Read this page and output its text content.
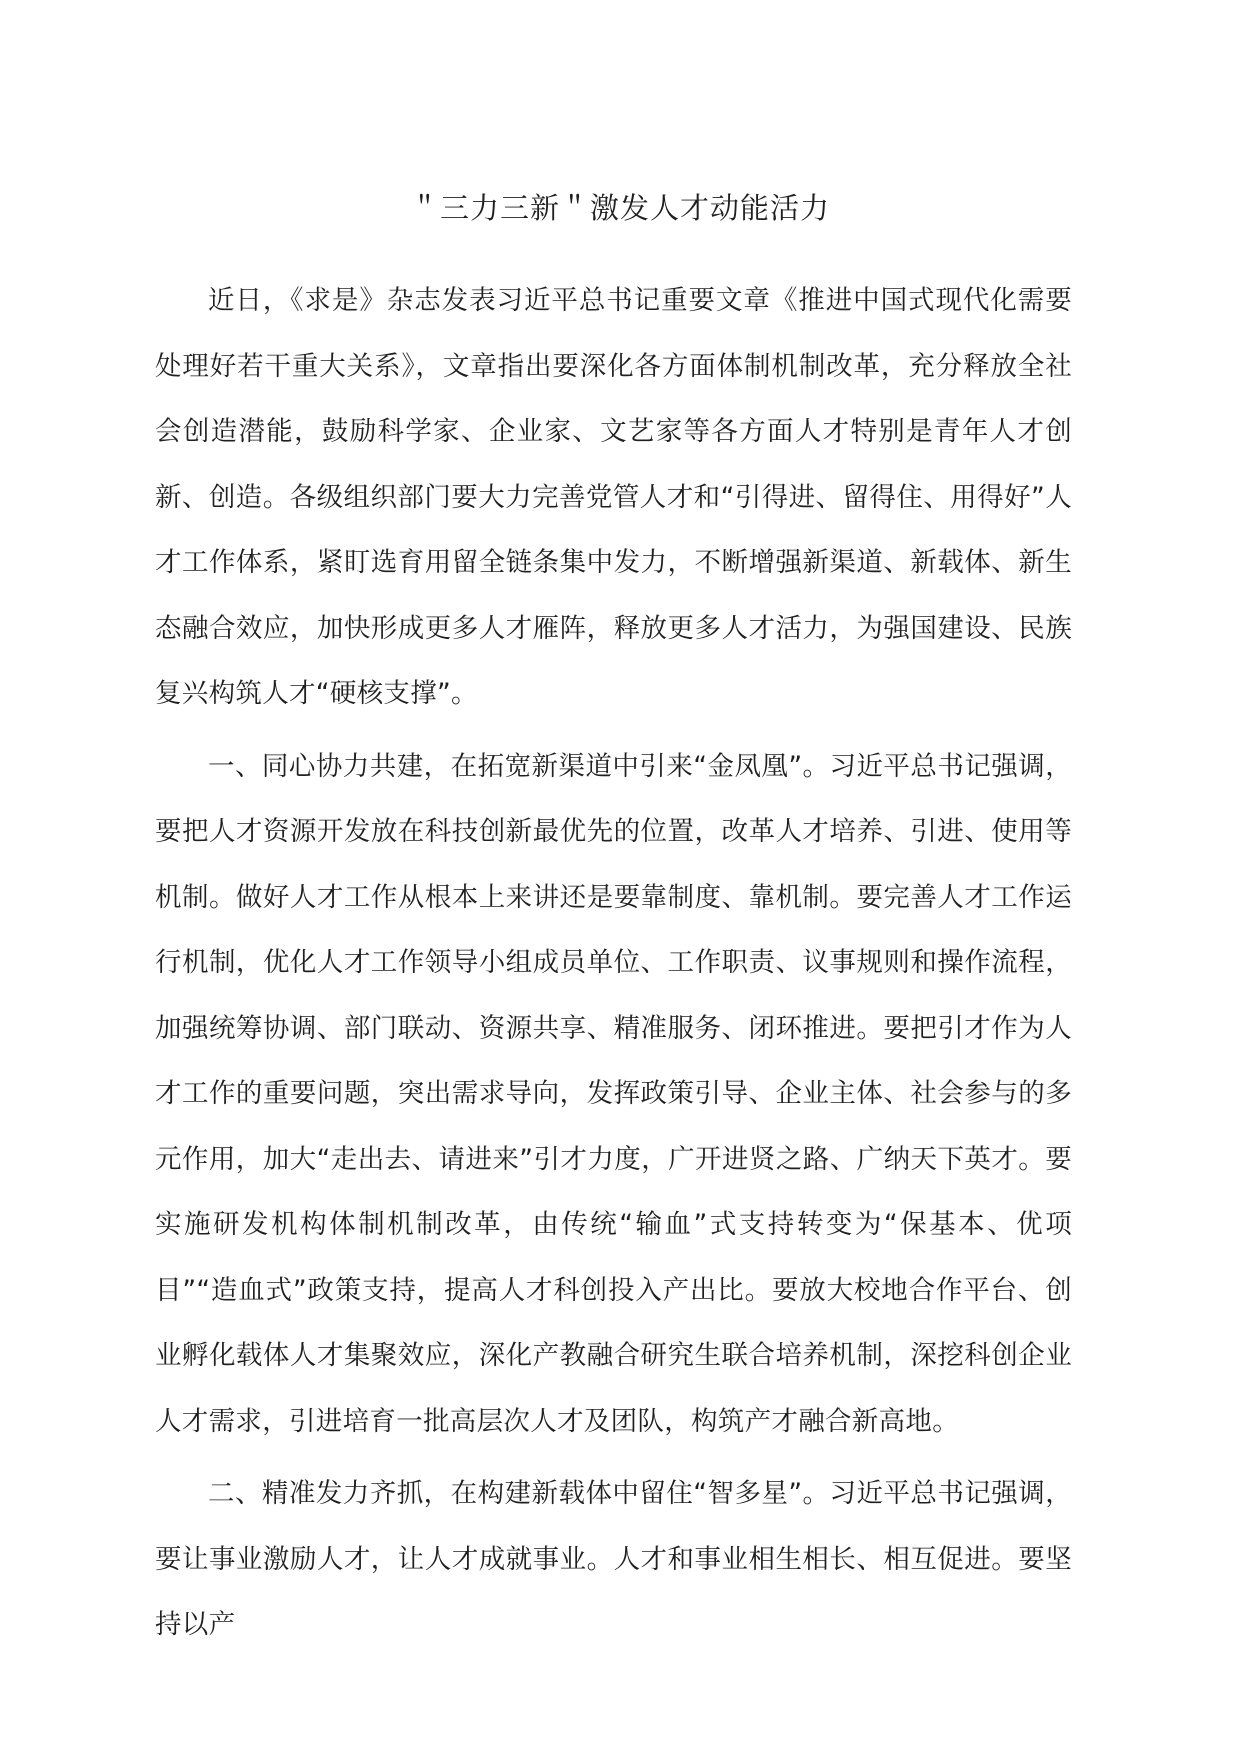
＂三力三新＂激发人才动能活力

近日，《求是》杂志发表习近平总书记重要文章《推进中国式现代化需要处理好若干重大关系》，文章指出要深化各方面体制机制改革，充分释放全社会创造潜能，鼓励科学家、企业家、文艺家等各方面人才特别是青年人才创新、创造。各级组织部门要大力完善党管人才和“引得进、留得住、用得好”人才工作体系，紧盯选育用留全链条集中发力，不断增强新渠道、新载体、新生态融合效应，加快形成更多人才雁阵，释放更多人才活力，为强国建设、民族复兴构筑人才“硬核支撑”。

一、同心协力共建，在拓宽新渠道中引来“金凤凰”。习近平总书记强调，要把人才资源开发放在科技创新最优先的位置，改革人才培养、引进、使用等机制。做好人才工作从根本上来讲还是要靠制度、靠机制。要完善人才工作运行机制，优化人才工作领导小组成员单位、工作职责、议事规则和操作流程，加强统筹协调、部门联动、资源共享、精准服务、闭环推进。要把引才作为人才工作的重要问题，突出需求导向，发挥政策引导、企业主体、社会参与的多元作用，加大“走出去、请进来”引才力度，广开进贤之路、广纳天下英才。要实施研发机构体制机制改革，由传统“输血”式支持转变为“保基本、优项目”“造血式”政策支持，提高人才科创投入产出比。要放大校地合作平台、创业孵化载体人才集聚效应，深化产教融合研究生联合培养机制，深挖科创企业人才需求，引进培育一批高层次人才及团队，构筑产才融合新高地。

二、精准发力齐抓，在构建新载体中留住“智多星”。习近平总书记强调，要让事业激励人才，让人才成就事业。人才和事业相生相长、相互促进。要坚持以产
